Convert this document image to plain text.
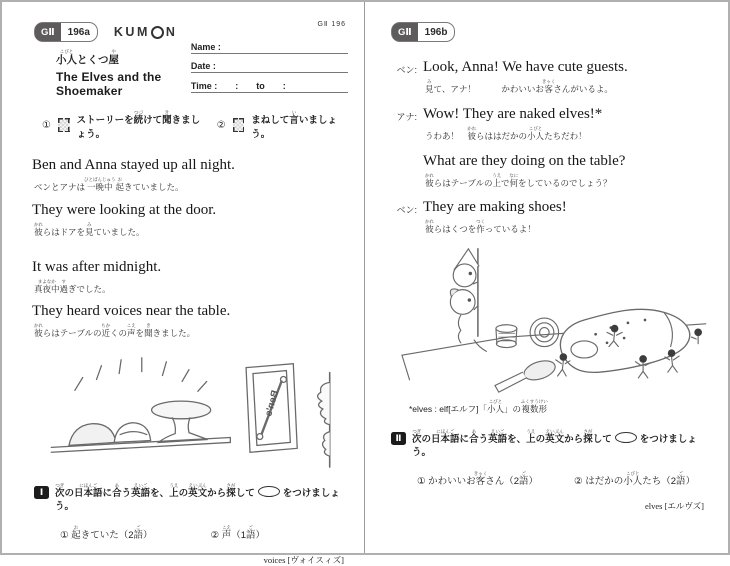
GⅡ 196
GⅡ	196a	KUM N
小人こびととくつ屋や
The Elves and the Shoemaker
Name :
Date :
Time : : to :
①	ストーリーを続つづけて聞ききましょう。
②	まねして言いいましょう。
Ben and Anna stayed up all night.
ベンとアナは一晩中ひとばんじゅう起おきていました。
They were looking at the door.
彼かれらはドアを見みていました。
It was after midnight.
真夜中まよなか過すぎでした。
They heard voices near the table.
彼かれらはテーブルの近ちかくの声こえを聞ききました。
Ben's
Ⅰ	次つぎの日本語にほんごに合あう英語えいごを、上うえの英文えいぶんから探さがして ○ をつけましょう。
① 起おきていた（2語ご）	② 声こえ（1語ご）
voices [ヴォイスィズ]
GⅡ	196b
ベン: Look, Anna! We have cute guests.
見みて、アナ！　　　かわいいお客きゃくさんがいるよ。
アナ: Wow! They are naked elves!*
うわあ！　彼かれらははだかの小人こびとたちだわ！
What are they doing on the table?
彼かれらはテーブルの上うえで何なにをしているのでしょう？
ベン: They are making shoes!
彼かれらはくつを作つくっているよ！
*elves : elf[エルフ]「小人こびと」の複数形ふくすうけい
Ⅱ	次つぎの日本語にほんごに合あう英語えいごを、上うえの英文えいぶんから探さがして ○ をつけましょう。
① かわいいお客きゃくさん（2語ご）	② はだかの小人こびとたち（2語ご）
elves [エルヴズ]
